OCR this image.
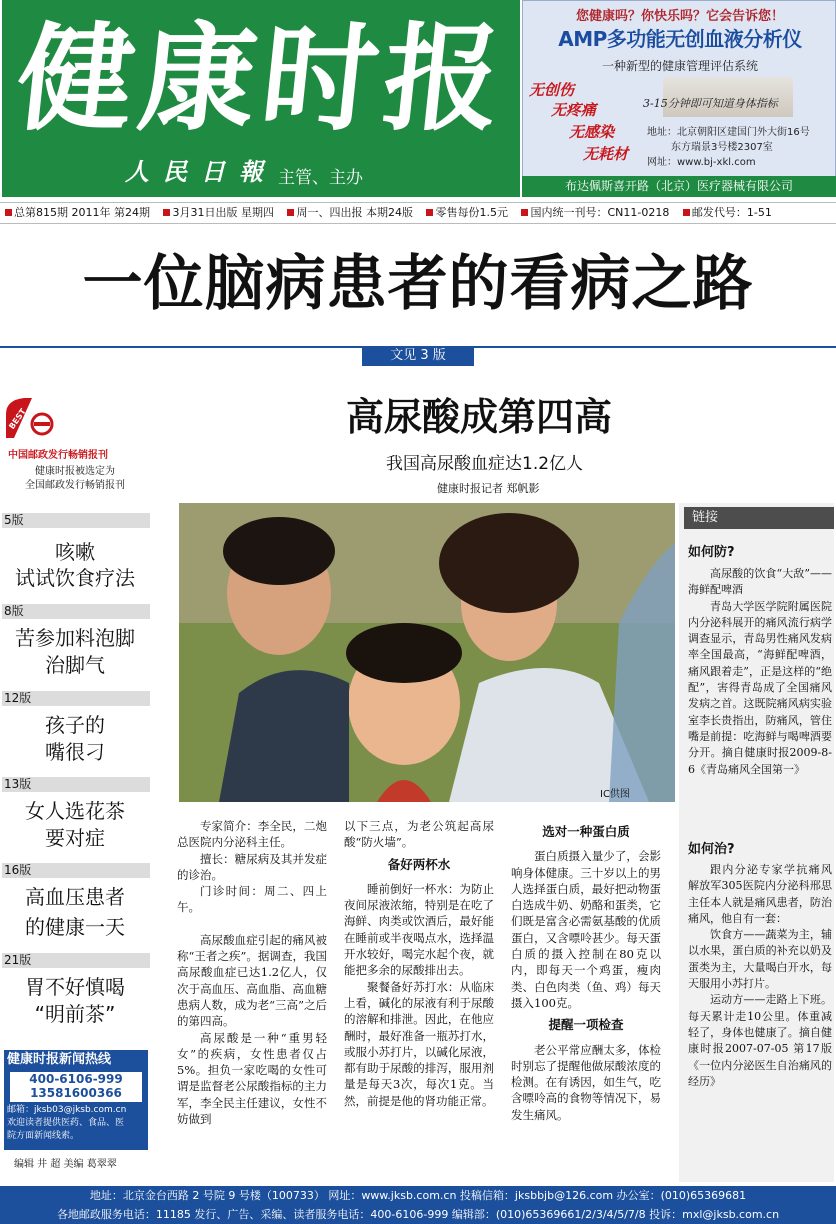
健康时报
人民日報 主管、主办
您健康吗？你快乐吗？它会告诉您！
AMP多功能无创血液分析仪
一种新型的健康管理评估系统
无创伤
无疼痛
无感染
无耗材
3-15分钟即可知道身体指标
地址：北京朝阳区建国门外大街16号
东方瑞景3号楼2307室
网址：www.bj-xkl.com
布达佩斯喜开路（北京）医疗器械有限公司
总第815期 2011年 第24期 3月31日出版 星期四 周一、四出报 本期24版 零售每份1.5元 国内统一刊号：CN11-0218 邮发代号：1-51
一位脑病患者的看病之路
文见 3 版
BEST
中国邮政发行畅销报刊
健康时报被选定为
全国邮政发行畅销报刊
5版
咳嗽
试试饮食疗法
8版
苦参加料泡脚
治脚气
12版
孩子的
嘴很刁
13版
女人选花茶
要对症
16版
高血压患者
的健康一天
21版
胃不好慎喝
“明前茶”
健康时报新闻热线
400-6106-999
13581600366
邮箱：jksb03@jksb.com.cn
欢迎读者提供医药、食品、医
院方面新闻线索。
编辑 井 超 美编 葛翠翠
高尿酸成第四高
我国高尿酸血症达1.2亿人
健康时报记者 郑帆影
IC供图

专家简介：李全民，二炮总医院内分泌科主任。

擅长：糖尿病及其并发症的诊治。

门诊时间：周二、四上午。

高尿酸血症引起的痛风被称“王者之疾”。据调查，我国高尿酸血症已达1.2亿人，仅次于高血压、高血脂、高血糖患病人数，成为老“三高”之后的第四高。

高尿酸是一种“重男轻女”的疾病，女性患者仅占5%。担负一家吃喝的女性可谓是监督老公尿酸指标的主力军，李全民主任建议，女性不妨做到

以下三点，为老公筑起高尿酸“防火墙”。

备好两杯水

睡前倒好一杯水：为防止夜间尿液浓缩，特别是在吃了海鲜、肉类或饮酒后，最好能在睡前或半夜喝点水，选择温开水较好，喝完水起个夜，就能把多余的尿酸排出去。

聚餐备好苏打水：从临床上看，碱化的尿液有利于尿酸的溶解和排泄。因此，在他应酬时，最好准备一瓶苏打水，或服小苏打片，以碱化尿液，都有助于尿酸的排泻，服用剂量是每天3次，每次1克。当然，前提是他的肾功能正常。

选对一种蛋白质

蛋白质摄入量少了，会影响身体健康。三十岁以上的男人选择蛋白质，最好把动物蛋白选成牛奶、奶酪和蛋类，它们既是富含必需氨基酸的优质蛋白，又含嘌呤甚少。每天蛋白质的摄入控制在80克以内，即每天一个鸡蛋，瘦肉类、白色肉类（鱼、鸡）每天摄入100克。

提醒一项检查

老公平常应酬太多，体检时别忘了提醒他做尿酸浓度的检测。在有诱因，如生气，吃含嘌呤高的食物等情况下，易发生痛风。

链接
如何防?

高尿酸的饮食“大敌”——海鲜配啤酒

青岛大学医学院附属医院内分泌科展开的痛风流行病学调查显示，青岛男性痛风发病率全国最高，“海鲜配啤酒，痛风跟着走”，正是这样的“绝配”，害得青岛成了全国痛风发病之首。这既院痛风病实验室李长贵指出，防痛风，管住嘴是前提：吃海鲜与喝啤酒要分开。摘自健康时报2009-8-6《青岛痛风全国第一》

如何治?

跟内分泌专家学抗痛风 解放军305医院内分泌科邢思主任本人就是痛风患者，防治痛风，他自有一套：

饮食方——蔬菜为主，辅以水果，蛋白质的补充以奶及蛋类为主，大量喝白开水，每天服用小苏打片。

运动方——走路上下班。每天累计走10公里。体重减轻了，身体也健康了。摘自健康时报2007-07-05 第17版《一位内分泌医生自治痛风的经历》

地址：北京金台西路 2 号院 9 号楼（100733） 网址：www.jksb.com.cn 投稿信箱：jksbbjb@126.com 办公室：(010)65369681
各地邮政服务电话：11185 发行、广告、采编、读者服务电话：400-6106-999 编辑部：(010)65369661/2/3/4/5/7/8 投诉：mxl@jksb.com.cn
